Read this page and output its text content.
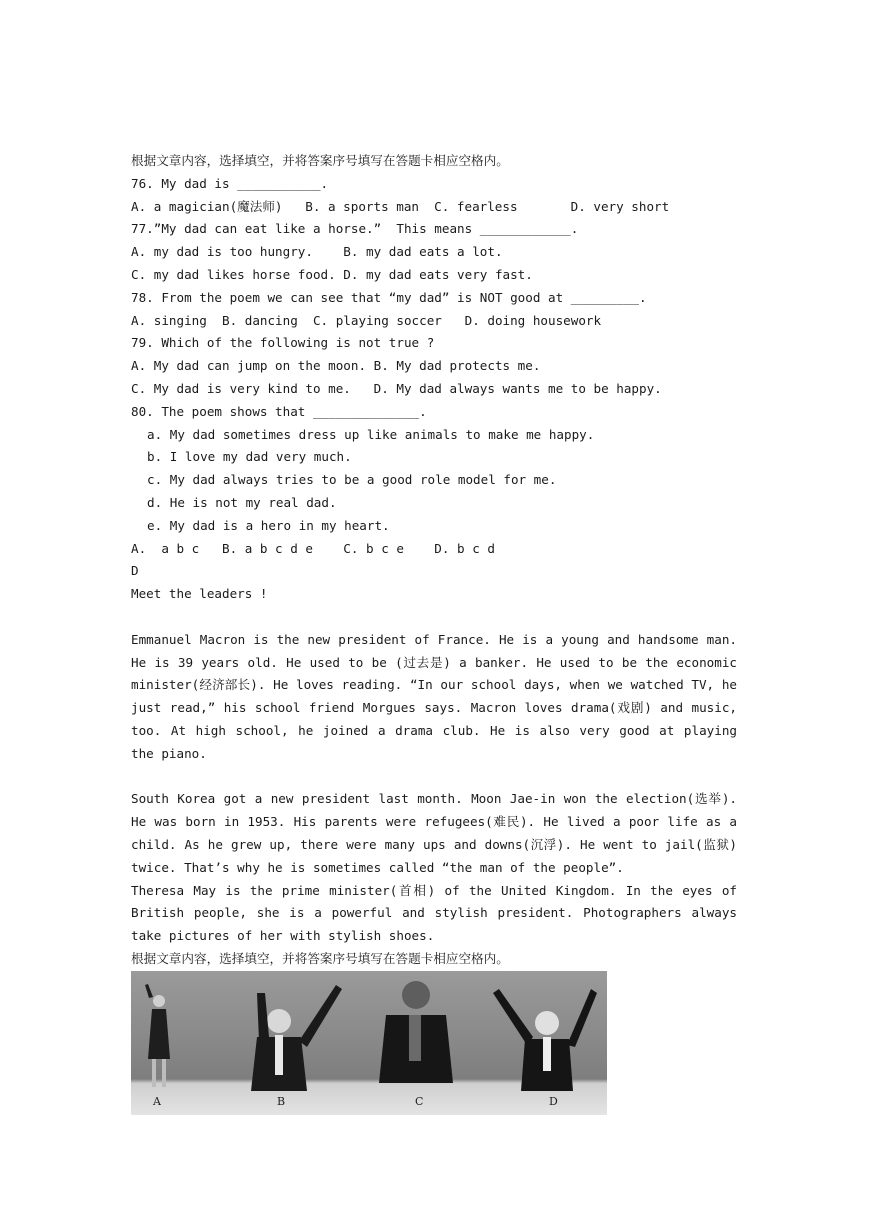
根据文章内容，选择填空，并将答案序号填写在答题卡相应空格内。
76. My dad is ___________.
A. a magician(魔法师)   B. a sports man  C. fearless       D. very short
77.”My dad can eat like a horse.”  This means ____________.
A. my dad is too hungry.    B. my dad eats a lot.
C. my dad likes horse food. D. my dad eats very fast.
78. From the poem we can see that “my dad” is NOT good at _________.
A. singing  B. dancing  C. playing soccer   D. doing housework
79. Which of the following is not true ?
A. My dad can jump on the moon. B. My dad protects me.
C. My dad is very kind to me.   D. My dad always wants me to be happy.
80. The poem shows that ______________.
a. My dad sometimes dress up like animals to make me happy.
b. I love my dad very much.
c. My dad always tries to be a good role model for me.
d. He is not my real dad.
e. My dad is a hero in my heart.
A.  a b c   B. a b c d e    C. b c e    D. b c d
D
Meet the leaders !
Emmanuel Macron is the new president of France. He is a young and handsome man. He is 39 years old. He used to be (过去是) a banker. He used to be the economic minister(经济部长). He loves reading. “In our school days, when we watched TV, he just read,” his school friend Morgues says. Macron loves drama(戏剧) and music, too. At high school, he joined a drama club. He is also very good at playing the piano.
South Korea got a new president last month. Moon Jae-in won the election(选举). He was born in 1953. His parents were refugees(难民). He lived a poor life as a child. As he grew up, there were many ups and downs(沉浮). He went to jail(监狱) twice. That’s why he is sometimes called “the man of the people”.
Theresa May is the prime minister(首相) of the United Kingdom. In the eyes of British people, she is a powerful and stylish president. Photographers always take pictures of her with stylish shoes.
根据文章内容，选择填空，并将答案序号填写在答题卡相应空格内。
A	B	C	D
